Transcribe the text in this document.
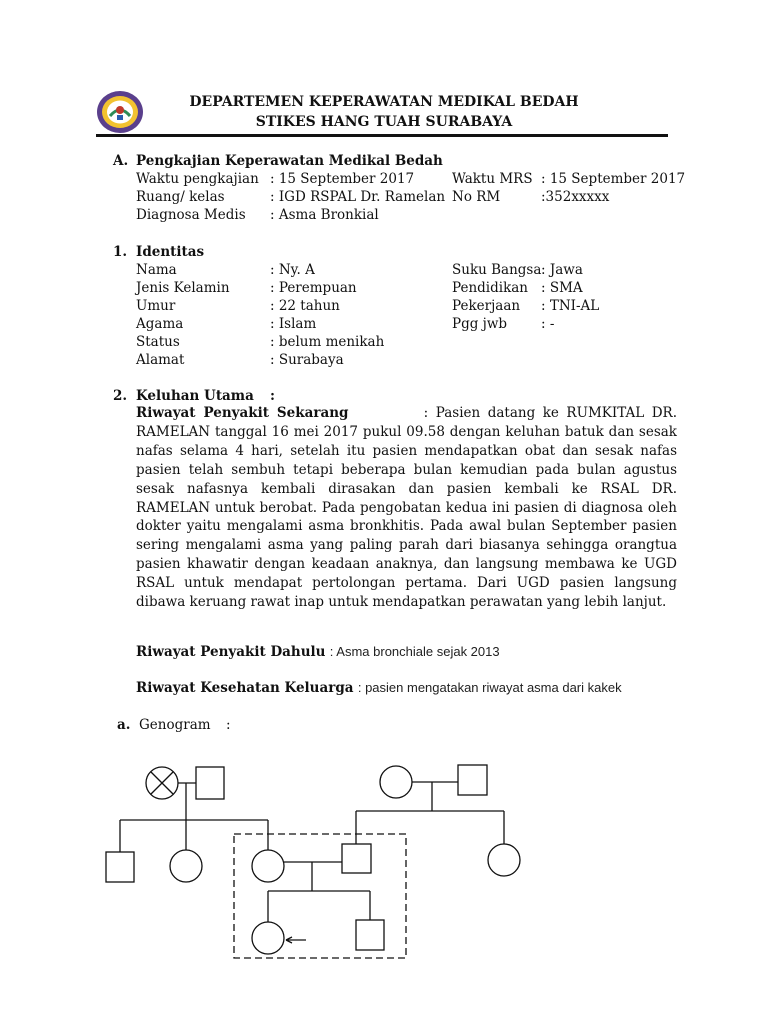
DEPARTEMEN KEPERAWATAN MEDIKAL BEDAH
STIKES HANG TUAH SURABAYA
A. Pengkajian Keperawatan Medikal Bedah
Waktu pengkajian : 15 September 2017	Waktu MRS : 15 September 2017
Ruang/ kelas	: IGD RSPAL Dr. Ramelan No RM	:352xxxxx
Diagnosa Medis : Asma Bronkial
1. Identitas
Nama	: Ny. A	Suku Bangsa : Jawa
Jenis Kelamin	: Perempuan	Pendidikan : SMA
Umur	: 22 tahun	Pekerjaan : TNI-AL
Agama	: Islam	Pgg jwb	: -
Status	: belum menikah
Alamat	: Surabaya
2. Keluhan Utama :
Riwayat Penyakit Sekarang	: Pasien datang ke RUMKITAL DR. RAMELAN tanggal 16 mei 2017 pukul 09.58 dengan keluhan batuk dan sesak nafas selama 4 hari, setelah itu pasien mendapatkan obat dan sesak nafas pasien telah sembuh tetapi beberapa bulan kemudian pada bulan agustus sesak nafasnya kembali dirasakan dan pasien kembali ke RSAL DR. RAMELAN untuk berobat. Pada pengobatan kedua ini pasien di diagnosa oleh dokter yaitu mengalami asma bronkhitis. Pada awal bulan September pasien sering mengalami asma yang paling parah dari biasanya sehingga orangtua pasien khawatir dengan keadaan anaknya, dan langsung membawa ke UGD RSAL untuk mendapat pertolongan pertama. Dari UGD pasien langsung dibawa keruang rawat inap untuk mendapatkan perawatan yang lebih lanjut.
Riwayat Penyakit Dahulu : Asma bronchiale sejak 2013
Riwayat Kesehatan Keluarga : pasien mengatakan riwayat asma dari kakek
a. Genogram :
